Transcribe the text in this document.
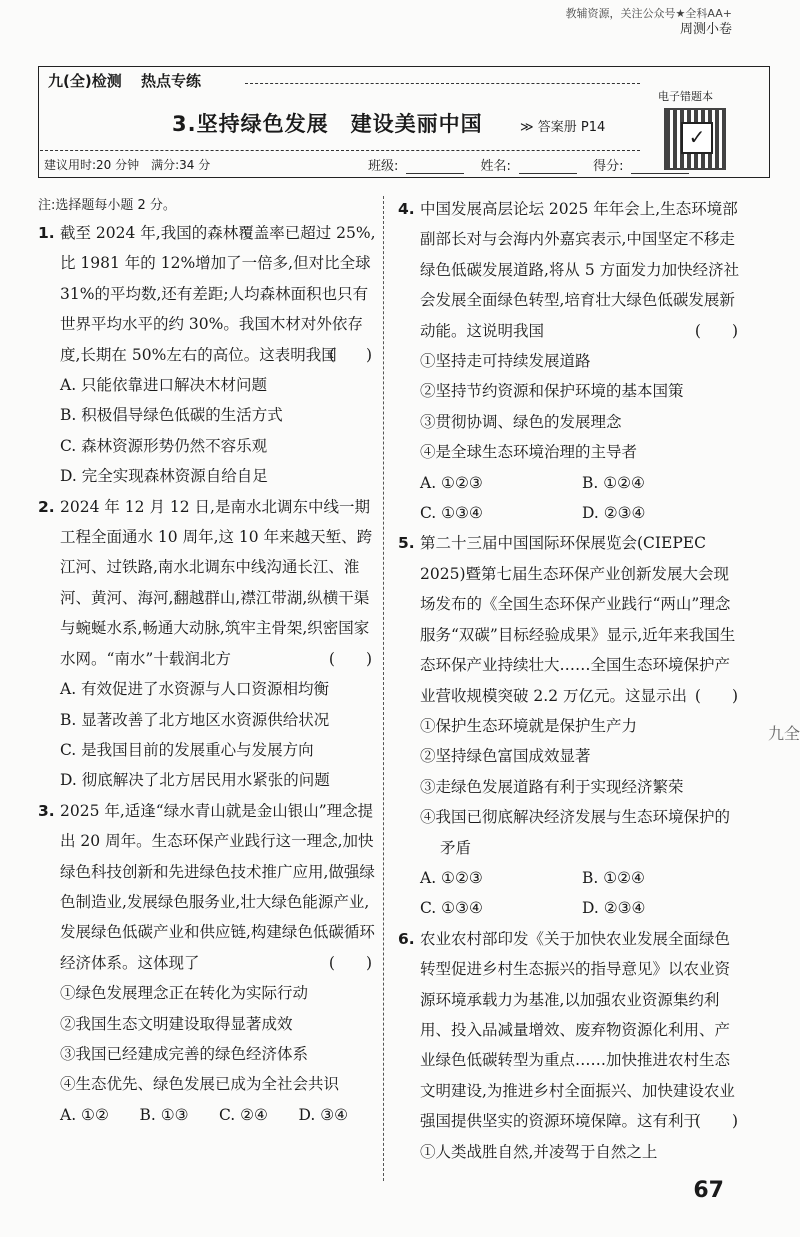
教辅资源，关注公众号★全科AA+
周测小卷
九(全)检测 热点专练
3.坚持绿色发展　建设美丽中国	≫ 答案册 P14
建议用时:20 分钟　满分:34 分	班级:	姓名:	得分:
电子错题本
✓
注:选择题每小题 2 分。
1. 截至 2024 年,我国的森林覆盖率已超过 25%,比 1981 年的 12%增加了一倍多,但对比全球 31%的平均数,还有差距;人均森林面积也只有世界平均水平的约 30%。我国木材对外依存度,长期在 50%左右的高位。这表明我国
(　　)
A. 只能依靠进口解决木材问题
B. 积极倡导绿色低碳的生活方式
C. 森林资源形势仍然不容乐观
D. 完全实现森林资源自给自足
2. 2024 年 12 月 12 日,是南水北调东中线一期工程全面通水 10 周年,这 10 年来越天堑、跨江河、过铁路,南水北调东中线沟通长江、淮河、黄河、海河,翻越群山,襟江带湖,纵横干渠与蜿蜒水系,畅通大动脉,筑牢主骨架,织密国家水网。“南水”十载润北方	(　　)
A. 有效促进了水资源与人口资源相均衡
B. 显著改善了北方地区水资源供给状况
C. 是我国目前的发展重心与发展方向
D. 彻底解决了北方居民用水紧张的问题
3. 2025 年,适逢“绿水青山就是金山银山”理念提出 20 周年。生态环保产业践行这一理念,加快绿色科技创新和先进绿色技术推广应用,做强绿色制造业,发展绿色服务业,壮大绿色能源产业,发展绿色低碳产业和供应链,构建绿色低碳循环经济体系。这体现了	(　　)
①绿色发展理念正在转化为实际行动
②我国生态文明建设取得显著成效
③我国已经建成完善的绿色经济体系
④生态优先、绿色发展已成为全社会共识
A. ①②	B. ①③	C. ②④	D. ③④
4. 中国发展高层论坛 2025 年年会上,生态环境部副部长对与会海内外嘉宾表示,中国坚定不移走绿色低碳发展道路,将从 5 方面发力加快经济社会发展全面绿色转型,培育壮大绿色低碳发展新动能。这说明我国	(　　)
①坚持走可持续发展道路
②坚持节约资源和保护环境的基本国策
③贯彻协调、绿色的发展理念
④是全球生态环境治理的主导者
A. ①②③	B. ①②④
C. ①③④	D. ②③④
5. 第二十三届中国国际环保展览会(CIEPEC 2025)暨第七届生态环保产业创新发展大会现场发布的《全国生态环保产业践行“两山”理念 服务“双碳”目标经验成果》显示,近年来我国生态环保产业持续壮大……全国生态环境保护产业营收规模突破 2.2 万亿元。这显示出 (　　)
①保护生态环境就是保护生产力
②坚持绿色富国成效显著
③走绿色发展道路有利于实现经济繁荣
④我国已彻底解决经济发展与生态环境保护的矛盾
A. ①②③	B. ①②④
C. ①③④	D. ②③④
6. 农业农村部印发《关于加快农业发展全面绿色转型促进乡村生态振兴的指导意见》以农业资源环境承载力为基准,以加强农业资源集约利用、投入品减量增效、废弃物资源化利用、产业绿色低碳转型为重点……加快推进农村生态文明建设,为推进乡村全面振兴、加快建设农业强国提供坚实的资源环境保障。这有利于
(　　)
①人类战胜自然,并凌驾于自然之上
九全
67
